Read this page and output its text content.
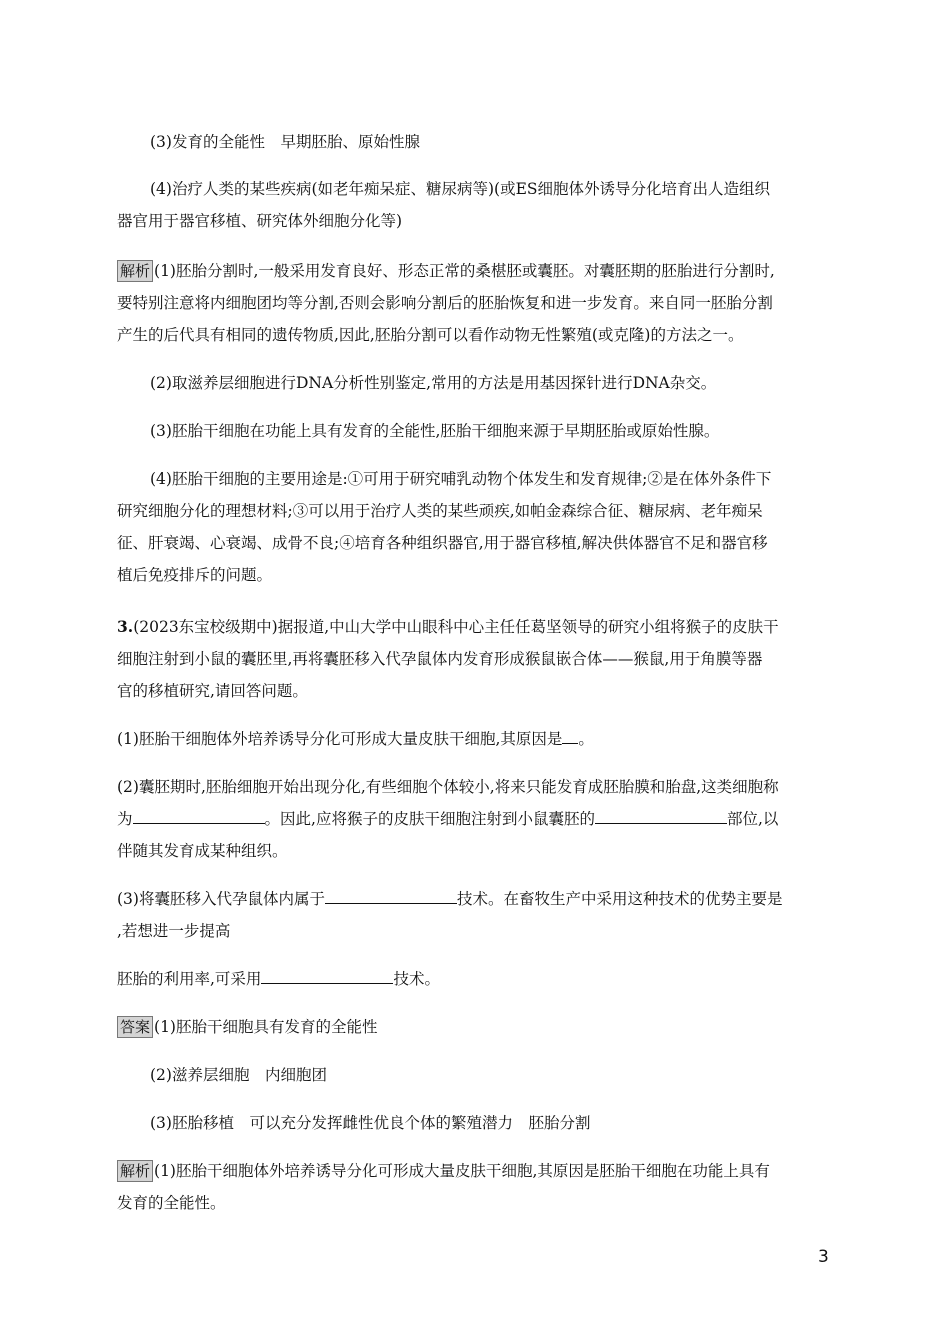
(3)发育的全能性　早期胚胎、原始性腺
(4)治疗人类的某些疾病(如老年痴呆症、糖尿病等)(或ES细胞体外诱导分化培育出人造组织
器官用于器官移植、研究体外细胞分化等)
解析 (1)胚胎分割时,一般采用发育良好、形态正常的桑椹胚或囊胚。对囊胚期的胚胎进行分割时,
要特别注意将内细胞团均等分割,否则会影响分割后的胚胎恢复和进一步发育。来自同一胚胎分割
产生的后代具有相同的遗传物质,因此,胚胎分割可以看作动物无性繁殖(或克隆)的方法之一。
(2)取滋养层细胞进行DNA分析性别鉴定,常用的方法是用基因探针进行DNA杂交。
(3)胚胎干细胞在功能上具有发育的全能性,胚胎干细胞来源于早期胚胎或原始性腺。
(4)胚胎干细胞的主要用途是:①可用于研究哺乳动物个体发生和发育规律;②是在体外条件下
研究细胞分化的理想材料;③可以用于治疗人类的某些顽疾,如帕金森综合征、糖尿病、老年痴呆
征、肝衰竭、心衰竭、成骨不良;④培育各种组织器官,用于器官移植,解决供体器官不足和器官移
植后免疫排斥的问题。
3.(2023东宝校级期中)据报道,中山大学中山眼科中心主任任葛坚领导的研究小组将猴子的皮肤干
细胞注射到小鼠的囊胚里,再将囊胚移入代孕鼠体内发育形成猴鼠嵌合体——猴鼠,用于角膜等器
官的移植研究,请回答问题。
(1)胚胎干细胞体外培养诱导分化可形成大量皮肤干细胞,其原因是 。
(2)囊胚期时,胚胎细胞开始出现分化,有些细胞个体较小,将来只能发育成胚胎膜和胎盘,这类细胞称
为	。因此,应将猴子的皮肤干细胞注射到小鼠囊胚的	部位,以
伴随其发育成某种组织。
(3)将囊胚移入代孕鼠体内属于	技术。在畜牧生产中采用这种技术的优势主要是
,若想进一步提高
胚胎的利用率,可采用	技术。
答案 (1)胚胎干细胞具有发育的全能性
(2)滋养层细胞　内细胞团
(3)胚胎移植　可以充分发挥雌性优良个体的繁殖潜力　胚胎分割
解析 (1)胚胎干细胞体外培养诱导分化可形成大量皮肤干细胞,其原因是胚胎干细胞在功能上具有
发育的全能性。
3
